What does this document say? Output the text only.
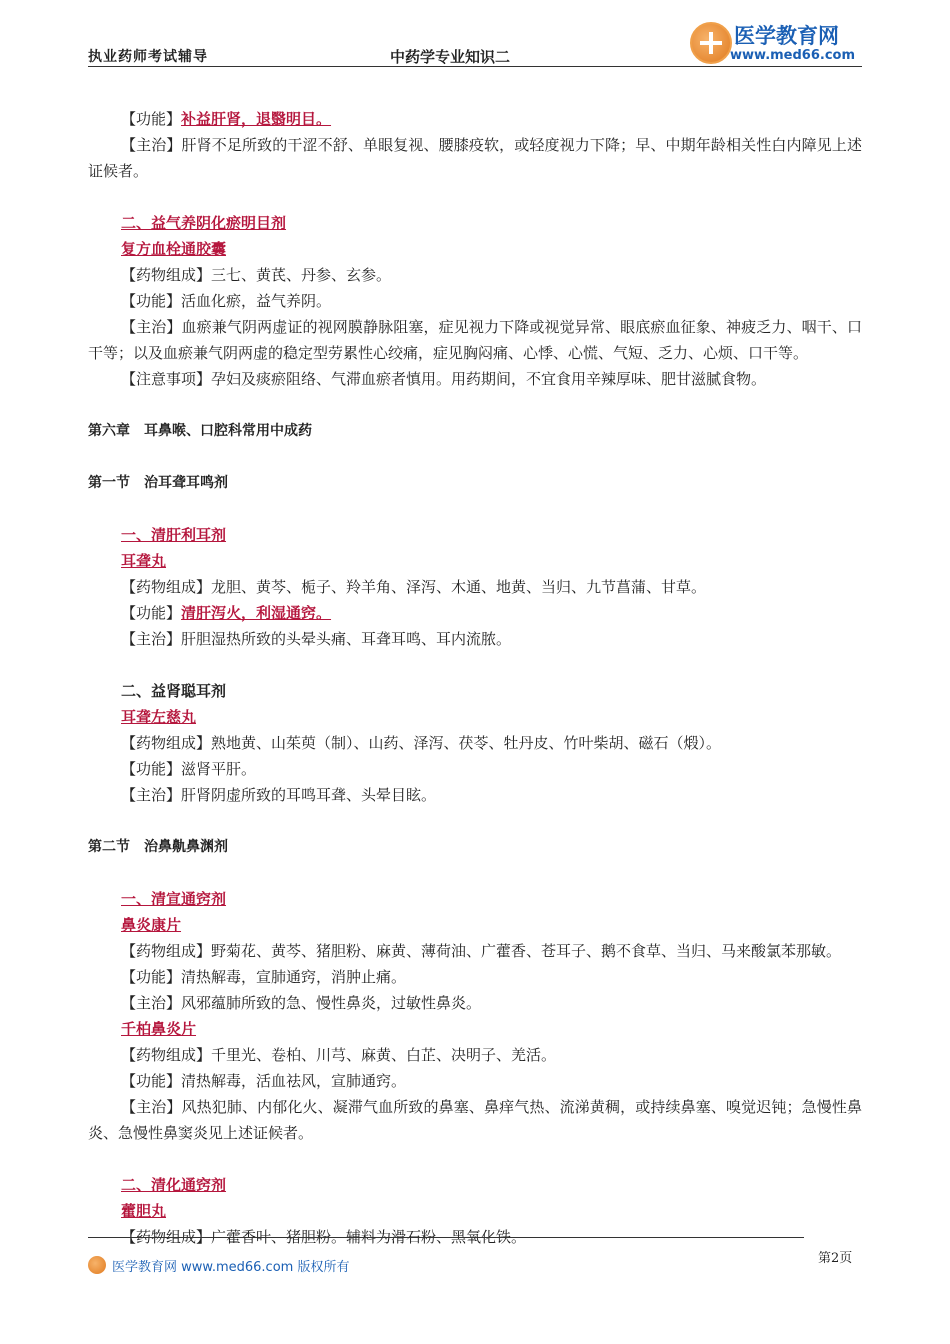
执业药师考试辅导	中药学专业知识二
医学教育网
www.med66.com

【功能】补益肝肾，退翳明目。

【主治】肝肾不足所致的干涩不舒、单眼复视、腰膝疫软，或轻度视力下降；早、中期年龄相关性白内障见上述证候者。

二、益气养阴化瘀明目剂

复方血栓通胶囊

【药物组成】三七、黄芪、丹参、玄参。

【功能】活血化瘀，益气养阴。

【主治】血瘀兼气阴两虚证的视网膜静脉阻塞，症见视力下降或视觉异常、眼底瘀血征象、神疲乏力、咽干、口干等；以及血瘀兼气阴两虚的稳定型劳累性心绞痛，症见胸闷痛、心悸、心慌、气短、乏力、心烦、口干等。

【注意事项】孕妇及痰瘀阻络、气滞血瘀者慎用。用药期间，不宜食用辛辣厚味、肥甘滋腻食物。

第六章　耳鼻喉、口腔科常用中成药

第一节　治耳聋耳鸣剂

一、清肝利耳剂

耳聋丸

【药物组成】龙胆、黄芩、栀子、羚羊角、泽泻、木通、地黄、当归、九节菖蒲、甘草。

【功能】清肝泻火，利湿通窍。

【主治】肝胆湿热所致的头晕头痛、耳聋耳鸣、耳内流脓。

二、益肾聪耳剂

耳聋左慈丸

【药物组成】熟地黄、山茱萸（制）、山药、泽泻、茯苓、牡丹皮、竹叶柴胡、磁石（煅）。

【功能】滋肾平肝。

【主治】肝肾阴虚所致的耳鸣耳聋、头晕目眩。

第二节　治鼻鼽鼻渊剂

一、清宣通窍剂

鼻炎康片

【药物组成】野菊花、黄芩、猪胆粉、麻黄、薄荷油、广藿香、苍耳子、鹅不食草、当归、马来酸氯苯那敏。

【功能】清热解毒，宣肺通窍，消肿止痛。

【主治】风邪蕴肺所致的急、慢性鼻炎，过敏性鼻炎。

千柏鼻炎片

【药物组成】千里光、卷柏、川芎、麻黄、白芷、决明子、羌活。

【功能】清热解毒，活血祛风，宣肺通窍。

【主治】风热犯肺、内郁化火、凝滞气血所致的鼻塞、鼻痒气热、流涕黄稠，或持续鼻塞、嗅觉迟钝；急慢性鼻炎、急慢性鼻窦炎见上述证候者。

二、清化通窍剂

藿胆丸

【药物组成】广藿香叶、猪胆粉。辅料为滑石粉、黑氧化铁。

医学教育网 www.med66.com 版权所有
第2页
